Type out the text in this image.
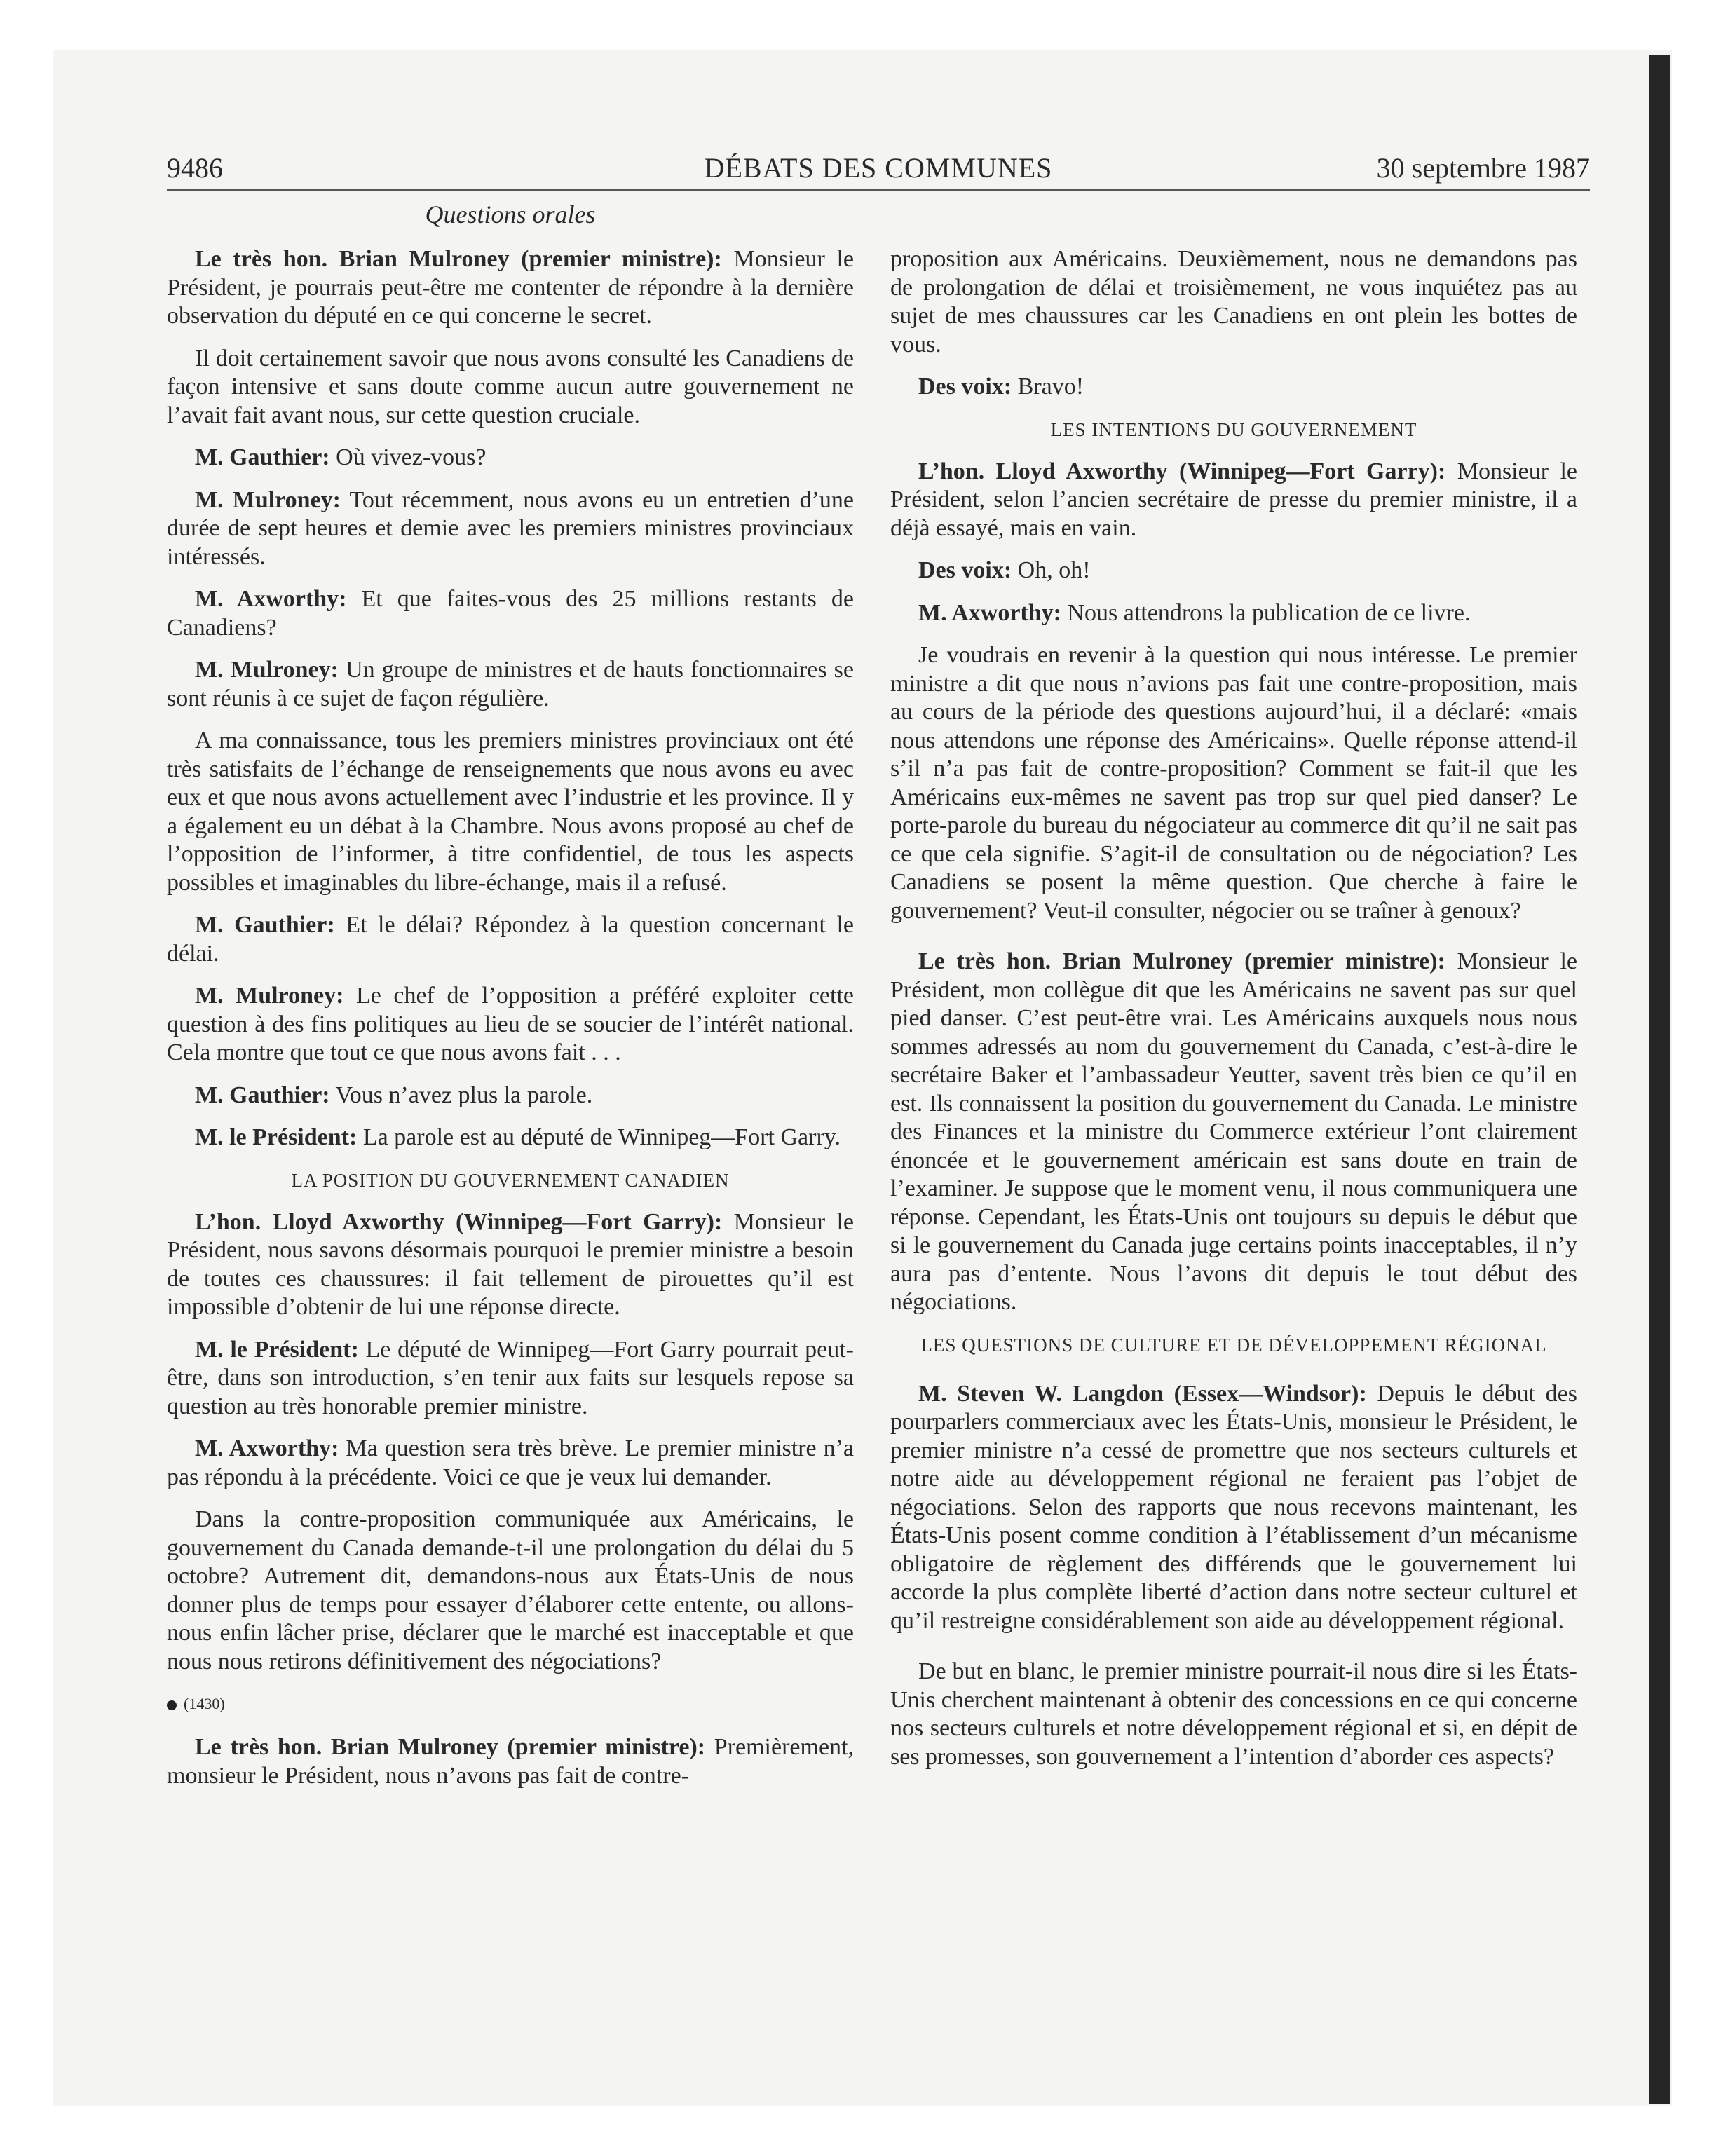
9486	DÉBATS DES COMMUNES	30 septembre 1987
Questions orales

Le très hon. Brian Mulroney (premier ministre): Monsieur le Président, je pourrais peut-être me contenter de répondre à la dernière observation du député en ce qui concerne le secret.

Il doit certainement savoir que nous avons consulté les Canadiens de façon intensive et sans doute comme aucun autre gouvernement ne l’avait fait avant nous, sur cette question cruciale.

M. Gauthier: Où vivez-vous?

M. Mulroney: Tout récemment, nous avons eu un entretien d’une durée de sept heures et demie avec les premiers ministres provinciaux intéressés.

M. Axworthy: Et que faites-vous des 25 millions restants de Canadiens?

M. Mulroney: Un groupe de ministres et de hauts fonctionnaires se sont réunis à ce sujet de façon régulière.

A ma connaissance, tous les premiers ministres provinciaux ont été très satisfaits de l’échange de renseignements que nous avons eu avec eux et que nous avons actuellement avec l’industrie et les province. Il y a également eu un débat à la Chambre. Nous avons proposé au chef de l’opposition de l’informer, à titre confidentiel, de tous les aspects possibles et imaginables du libre-échange, mais il a refusé.

M. Gauthier: Et le délai? Répondez à la question concernant le délai.

M. Mulroney: Le chef de l’opposition a préféré exploiter cette question à des fins politiques au lieu de se soucier de l’intérêt national. Cela montre que tout ce que nous avons fait . . .

M. Gauthier: Vous n’avez plus la parole.

M. le Président: La parole est au député de Winnipeg—Fort Garry.

LA POSITION DU GOUVERNEMENT CANADIEN

L’hon. Lloyd Axworthy (Winnipeg—Fort Garry): Monsieur le Président, nous savons désormais pourquoi le premier ministre a besoin de toutes ces chaussures: il fait tellement de pirouettes qu’il est impossible d’obtenir de lui une réponse directe.

M. le Président: Le député de Winnipeg—Fort Garry pourrait peut-être, dans son introduction, s’en tenir aux faits sur lesquels repose sa question au très honorable premier ministre.

M. Axworthy: Ma question sera très brève. Le premier ministre n’a pas répondu à la précédente. Voici ce que je veux lui demander.

Dans la contre-proposition communiquée aux Américains, le gouvernement du Canada demande-t-il une prolongation du délai du 5 octobre? Autrement dit, demandons-nous aux États-Unis de nous donner plus de temps pour essayer d’élaborer cette entente, ou allons-nous enfin lâcher prise, déclarer que le marché est inacceptable et que nous nous retirons définitivement des négociations?

(1430)

Le très hon. Brian Mulroney (premier ministre): Premièrement, monsieur le Président, nous n’avons pas fait de contre-

proposition aux Américains. Deuxièmement, nous ne demandons pas de prolongation de délai et troisièmement, ne vous inquiétez pas au sujet de mes chaussures car les Canadiens en ont plein les bottes de vous.

Des voix: Bravo!

LES INTENTIONS DU GOUVERNEMENT

L’hon. Lloyd Axworthy (Winnipeg—Fort Garry): Monsieur le Président, selon l’ancien secrétaire de presse du premier ministre, il a déjà essayé, mais en vain.

Des voix: Oh, oh!

M. Axworthy: Nous attendrons la publication de ce livre.

Je voudrais en revenir à la question qui nous intéresse. Le premier ministre a dit que nous n’avions pas fait une contre-proposition, mais au cours de la période des questions aujourd’hui, il a déclaré: «mais nous attendons une réponse des Américains». Quelle réponse attend-il s’il n’a pas fait de contre-proposition? Comment se fait-il que les Américains eux-mêmes ne savent pas trop sur quel pied danser? Le porte-parole du bureau du négociateur au commerce dit qu’il ne sait pas ce que cela signifie. S’agit-il de consultation ou de négociation? Les Canadiens se posent la même question. Que cherche à faire le gouvernement? Veut-il consulter, négocier ou se traîner à genoux?

Le très hon. Brian Mulroney (premier ministre): Monsieur le Président, mon collègue dit que les Américains ne savent pas sur quel pied danser. C’est peut-être vrai. Les Américains auxquels nous nous sommes adressés au nom du gouvernement du Canada, c’est-à-dire le secrétaire Baker et l’ambassadeur Yeutter, savent très bien ce qu’il en est. Ils connaissent la position du gouvernement du Canada. Le ministre des Finances et la ministre du Commerce extérieur l’ont clairement énoncée et le gouvernement américain est sans doute en train de l’examiner. Je suppose que le moment venu, il nous communiquera une réponse. Cependant, les États-Unis ont toujours su depuis le début que si le gouvernement du Canada juge certains points inacceptables, il n’y aura pas d’entente. Nous l’avons dit depuis le tout début des négociations.

LES QUESTIONS DE CULTURE ET DE DÉVELOPPEMENT RÉGIONAL

M. Steven W. Langdon (Essex—Windsor): Depuis le début des pourparlers commerciaux avec les États-Unis, monsieur le Président, le premier ministre n’a cessé de promettre que nos secteurs culturels et notre aide au développement régional ne feraient pas l’objet de négociations. Selon des rapports que nous recevons maintenant, les États-Unis posent comme condition à l’établissement d’un mécanisme obligatoire de règlement des différends que le gouvernement lui accorde la plus complète liberté d’action dans notre secteur culturel et qu’il restreigne considérablement son aide au développement régional.

De but en blanc, le premier ministre pourrait-il nous dire si les États-Unis cherchent maintenant à obtenir des concessions en ce qui concerne nos secteurs culturels et notre développement régional et si, en dépit de ses promesses, son gouvernement a l’intention d’aborder ces aspects?
